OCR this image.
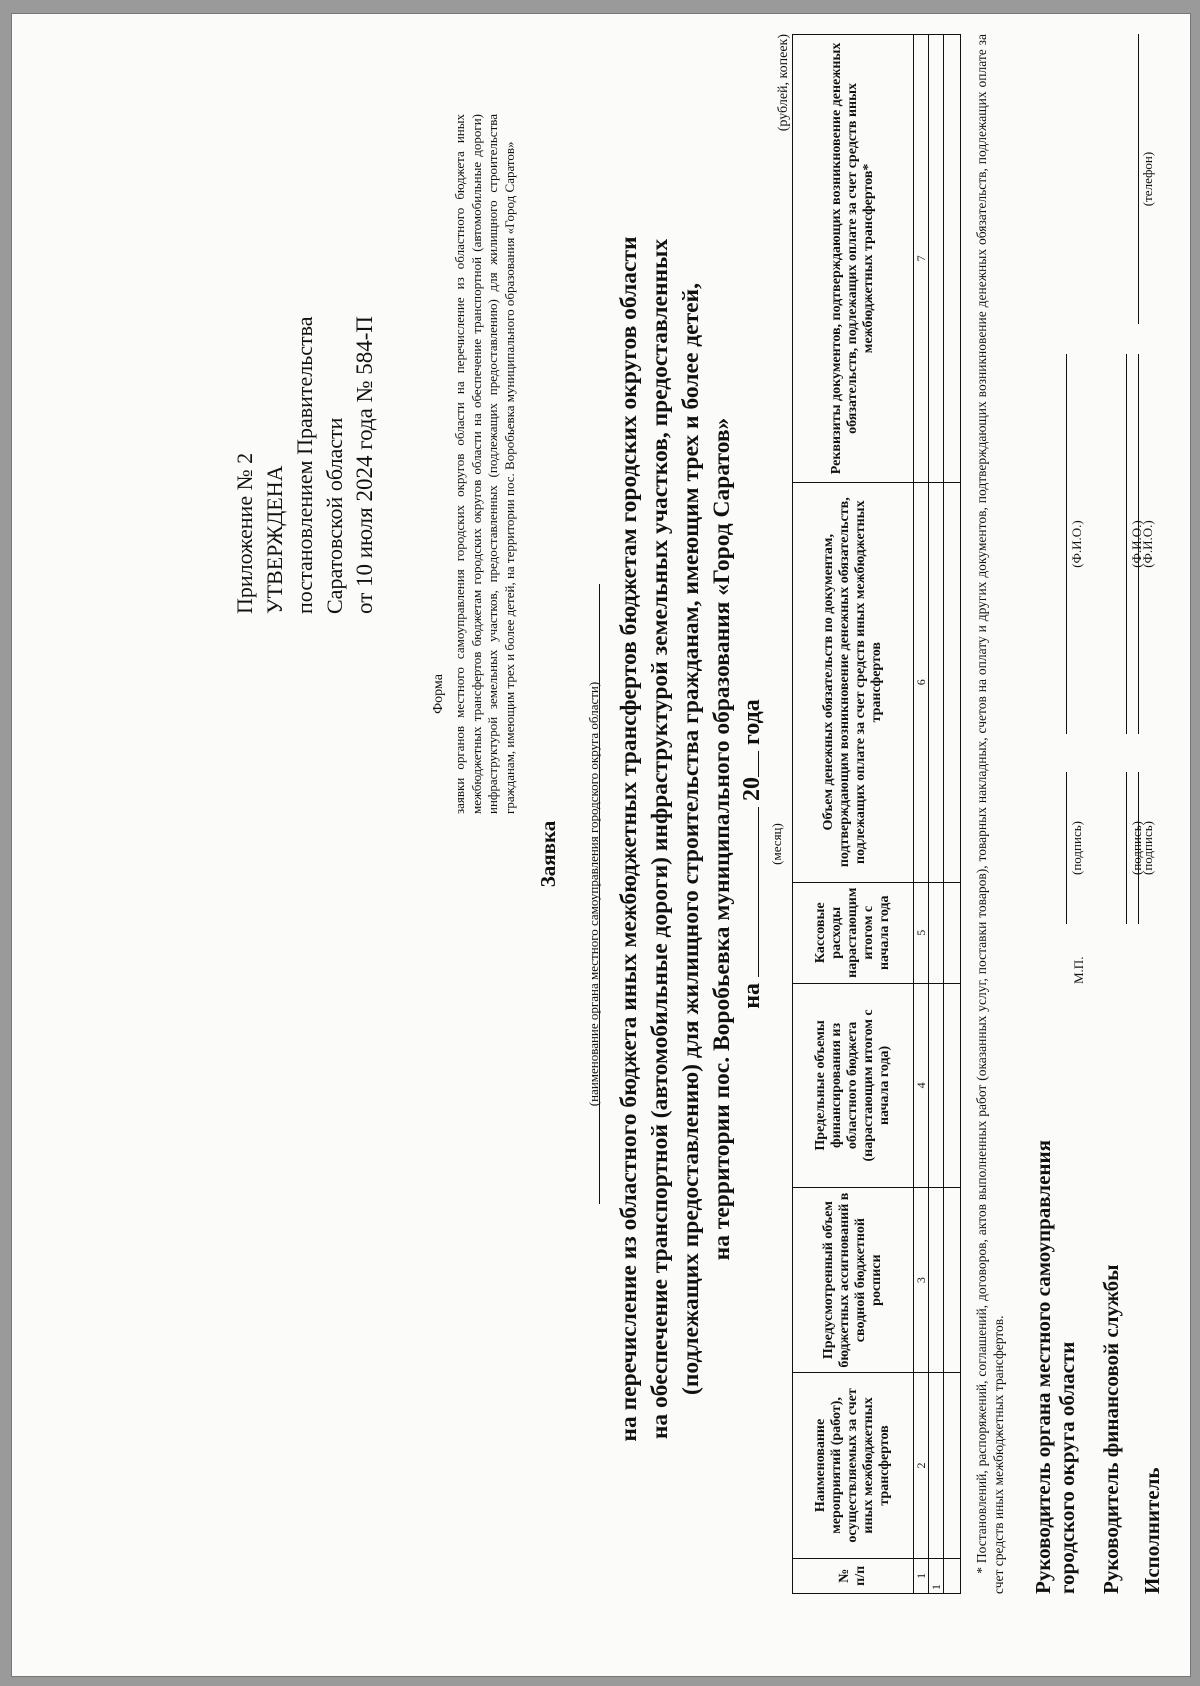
Приложение № 2 УТВЕРЖДЕНА постановлением Правительства Саратовской области от 10 июля 2024 года № 584-П
Форма заявки органов местного самоуправления городских округов области на перечисление из областного бюджета иных межбюджетных трансфертов бюджетам городских округов области на обеспечение транспортной (автомобильные дороги) инфраструктурой земельных участков, предоставленных (подлежащих предоставлению) для жилищного строительства гражданам, имеющим трех и более детей, на территории пос. Воробьевка муниципального образования «Город Саратов»
Заявка (наименование органа местного самоуправления городского округа области) на перечисление из областного бюджета иных межбюджетных трансфертов бюджетам городских округов области на обеспечение транспортной (автомобильные дороги) инфраструктурой земельных участков, предоставленных (подлежащих предоставлению) для жилищного строительства гражданам, имеющим трех и более детей, на территории пос. Воробьевка муниципального образования «Город Саратов» на20 года
(месяц)
(рублей, копеек)
№ п/п	Наименование мероприятий (работ), осуществляемых за счет иных межбюджетных трансфертов	Предусмотренный объем бюджетных ассигнований в сводной бюджетной росписи	Предельные объемы финансирования из областного бюджета (нарастающим итогом с начала года)	Кассовые расходы нарастающим итогом с начала года	Объем денежных обязательств по документам, подтверждающим возникновение денежных обязательств, подлежащих оплате за счет средств иных межбюджетных трансфертов	Реквизиты документов, подтверждающих возникновение денежных обязательств, подлежащих оплате за счет средств иных межбюджетных трансфертов*
1	2	3	4	5	6	7
1						

* Постановлений, распоряжений, соглашений, договоров, актов выполненных работ (оказанных услуг, поставки товаров), товарных накладных, счетов на оплату и других документов, подтверждающих возникновение денежных обязательств, подлежащих оплате за счет средств иных межбюджетных трансфертов. Руководитель органа местного самоуправления городского округа области
М.П.
(подпись)
(Ф.И.О.)
Руководитель финансовой службы
(подпись)
(Ф.И.О.)
Исполнитель
(подпись)
(Ф.И.О.)
(телефон)
